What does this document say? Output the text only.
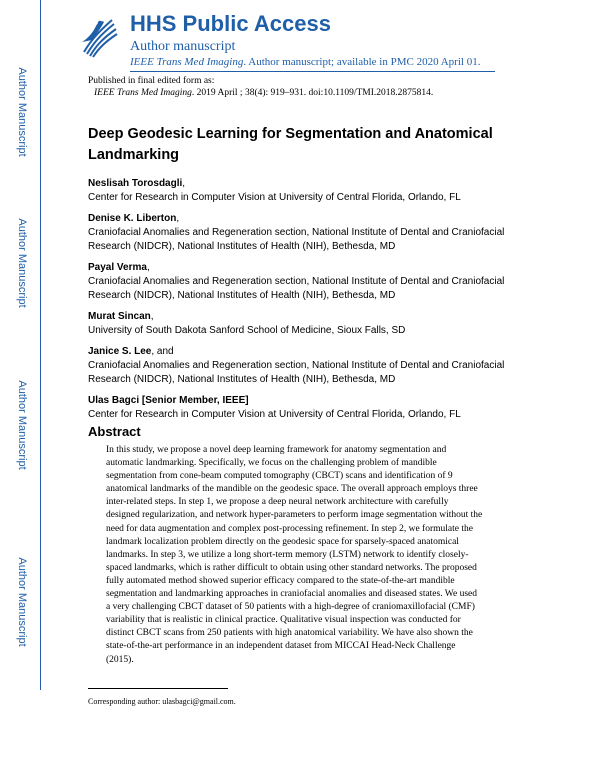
Author Manuscript
Author Manuscript
Author Manuscript
Author Manuscript
HHS Public Access
Author manuscript
IEEE Trans Med Imaging. Author manuscript; available in PMC 2020 April 01.
Published in final edited form as:
IEEE Trans Med Imaging. 2019 April ; 38(4): 919–931. doi:10.1109/TMI.2018.2875814.
Deep Geodesic Learning for Segmentation and Anatomical Landmarking
Neslisah Torosdagli,
Center for Research in Computer Vision at University of Central Florida, Orlando, FL
Denise K. Liberton,
Craniofacial Anomalies and Regeneration section, National Institute of Dental and Craniofacial Research (NIDCR), National Institutes of Health (NIH), Bethesda, MD
Payal Verma,
Craniofacial Anomalies and Regeneration section, National Institute of Dental and Craniofacial Research (NIDCR), National Institutes of Health (NIH), Bethesda, MD
Murat Sincan,
University of South Dakota Sanford School of Medicine, Sioux Falls, SD
Janice S. Lee, and
Craniofacial Anomalies and Regeneration section, National Institute of Dental and Craniofacial Research (NIDCR), National Institutes of Health (NIH), Bethesda, MD
Ulas Bagci [Senior Member, IEEE]
Center for Research in Computer Vision at University of Central Florida, Orlando, FL
Abstract
In this study, we propose a novel deep learning framework for anatomy segmentation and
automatic landmarking. Specifically, we focus on the challenging problem of mandible
segmentation from cone-beam computed tomography (CBCT) scans and identification of 9
anatomical landmarks of the mandible on the geodesic space. The overall approach employs three
inter-related steps. In step 1, we propose a deep neural network architecture with carefully
designed regularization, and network hyper-parameters to perform image segmentation without the
need for data augmentation and complex post-processing refinement. In step 2, we formulate the
landmark localization problem directly on the geodesic space for sparsely-spaced anatomical
landmarks. In step 3, we utilize a long short-term memory (LSTM) network to identify closely-
spaced landmarks, which is rather difficult to obtain using other standard networks. The proposed
fully automated method showed superior efficacy compared to the state-of-the-art mandible
segmentation and landmarking approaches in craniofacial anomalies and diseased states. We used
a very challenging CBCT dataset of 50 patients with a high-degree of craniomaxillofacial (CMF)
variability that is realistic in clinical practice. Qualitative visual inspection was conducted for
distinct CBCT scans from 250 patients with high anatomical variability. We have also shown the
state-of-the-art performance in an independent dataset from MICCAI Head-Neck Challenge
(2015).
Corresponding author: ulasbagci@gmail.com.
